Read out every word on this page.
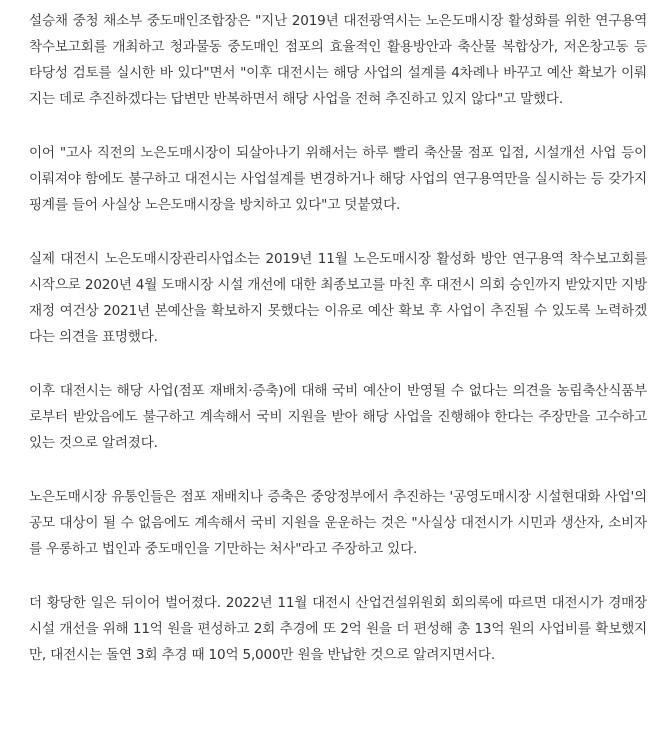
설승채 중청 채소부 중도매인조합장은 "지난 2019년 대전광역시는 노은도매시장 활성화를 위한 연구용역 착수보고회를 개최하고 청과물동 중도매인 점포의 효율적인 활용방안과 축산물 복합상가, 저온창고동 등 타당성 검토를 실시한 바 있다"면서 "이후 대전시는 해당 사업의 설계를 4차례나 바꾸고 예산 확보가 이뤄지는 데로 추진하겠다는 답변만 반복하면서 해당 사업을 전혀 추진하고 있지 않다"고 말했다.

이어 "고사 직전의 노은도매시장이 되살아나기 위해서는 하루 빨리 축산물 점포 입점, 시설개선 사업 등이 이뤄져야 함에도 불구하고 대전시는 사업설계를 변경하거나 해당 사업의 연구용역만을 실시하는 등 갖가지 핑계를 들어 사실상 노은도매시장을 방치하고 있다"고 덧붙였다.

실제 대전시 노은도매시장관리사업소는 2019년 11월 노은도매시장 활성화 방안 연구용역 착수보고회를 시작으로 2020년 4월 도매시장 시설 개선에 대한 최종보고를 마친 후 대전시 의회 승인까지 받았지만 지방재정 여건상 2021년 본예산을 확보하지 못했다는 이유로 예산 확보 후 사업이 추진될 수 있도록 노력하겠다는 의견을 표명했다.

이후 대전시는 해당 사업(점포 재배치·증축)에 대해 국비 예산이 반영될 수 없다는 의견을 농림축산식품부로부터 받았음에도 불구하고 계속해서 국비 지원을 받아 해당 사업을 진행해야 한다는 주장만을 고수하고 있는 것으로 알려졌다.

노은도매시장 유통인들은 점포 재배치나 증축은 중앙정부에서 추진하는 '공영도매시장 시설현대화 사업'의 공모 대상이 될 수 없음에도 계속해서 국비 지원을 운운하는 것은 "사실상 대전시가 시민과 생산자, 소비자를 우롱하고 법인과 중도매인을 기만하는 처사"라고 주장하고 있다.

더 황당한 일은 뒤이어 벌어졌다. 2022년 11월 대전시 산업건설위원회 회의록에 따르면 대전시가 경매장 시설 개선을 위해 11억 원을 편성하고 2회 추경에 또 2억 원을 더 편성해 총 13억 원의 사업비를 확보했지만, 대전시는 돌연 3회 추경 때 10억 5,000만 원을 반납한 것으로 알려지면서다.
